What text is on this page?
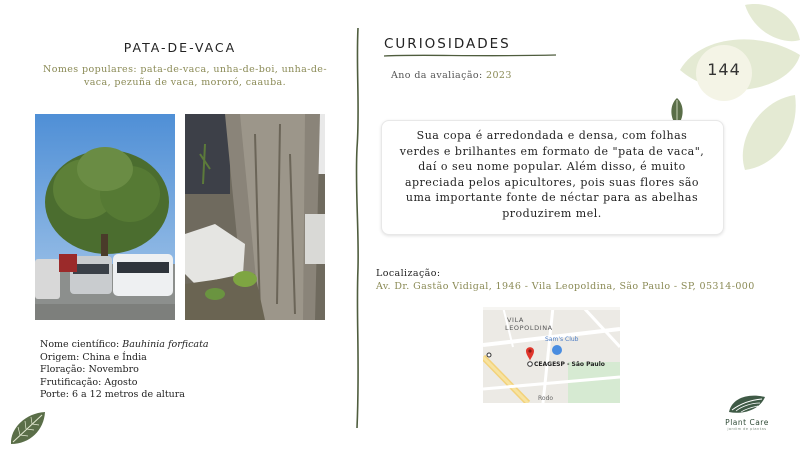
PATA-DE-VACA
Nomes populares: pata-de-vaca, unha-de-boi, unha-de-vaca, pezuña de vaca, mororó, caauba.
Nome científico: Bauhinia forficata
Origem: China e Índia
Floração: Novembro
Frutificação: Agosto
Porte: 6 a 12 metros de altura
CURIOSIDADES
Ano da avaliação: 2023	144
Sua copa é arredondada e densa, com folhas verdes e brilhantes em formato de "pata de vaca", daí o seu nome popular. Além disso, é muito apreciada pelos apicultores, pois suas flores são uma importante fonte de néctar para as abelhas produzirem mel.
Localização:
Av. Dr. Gastão Vidigal, 1946 - Vila Leopoldina, São Paulo - SP, 05314-000
VILA
LEOPOLDINA
Sam's Club
CEAGESP - São Paulo
Rodo
Plant Care
jardim de plantas
